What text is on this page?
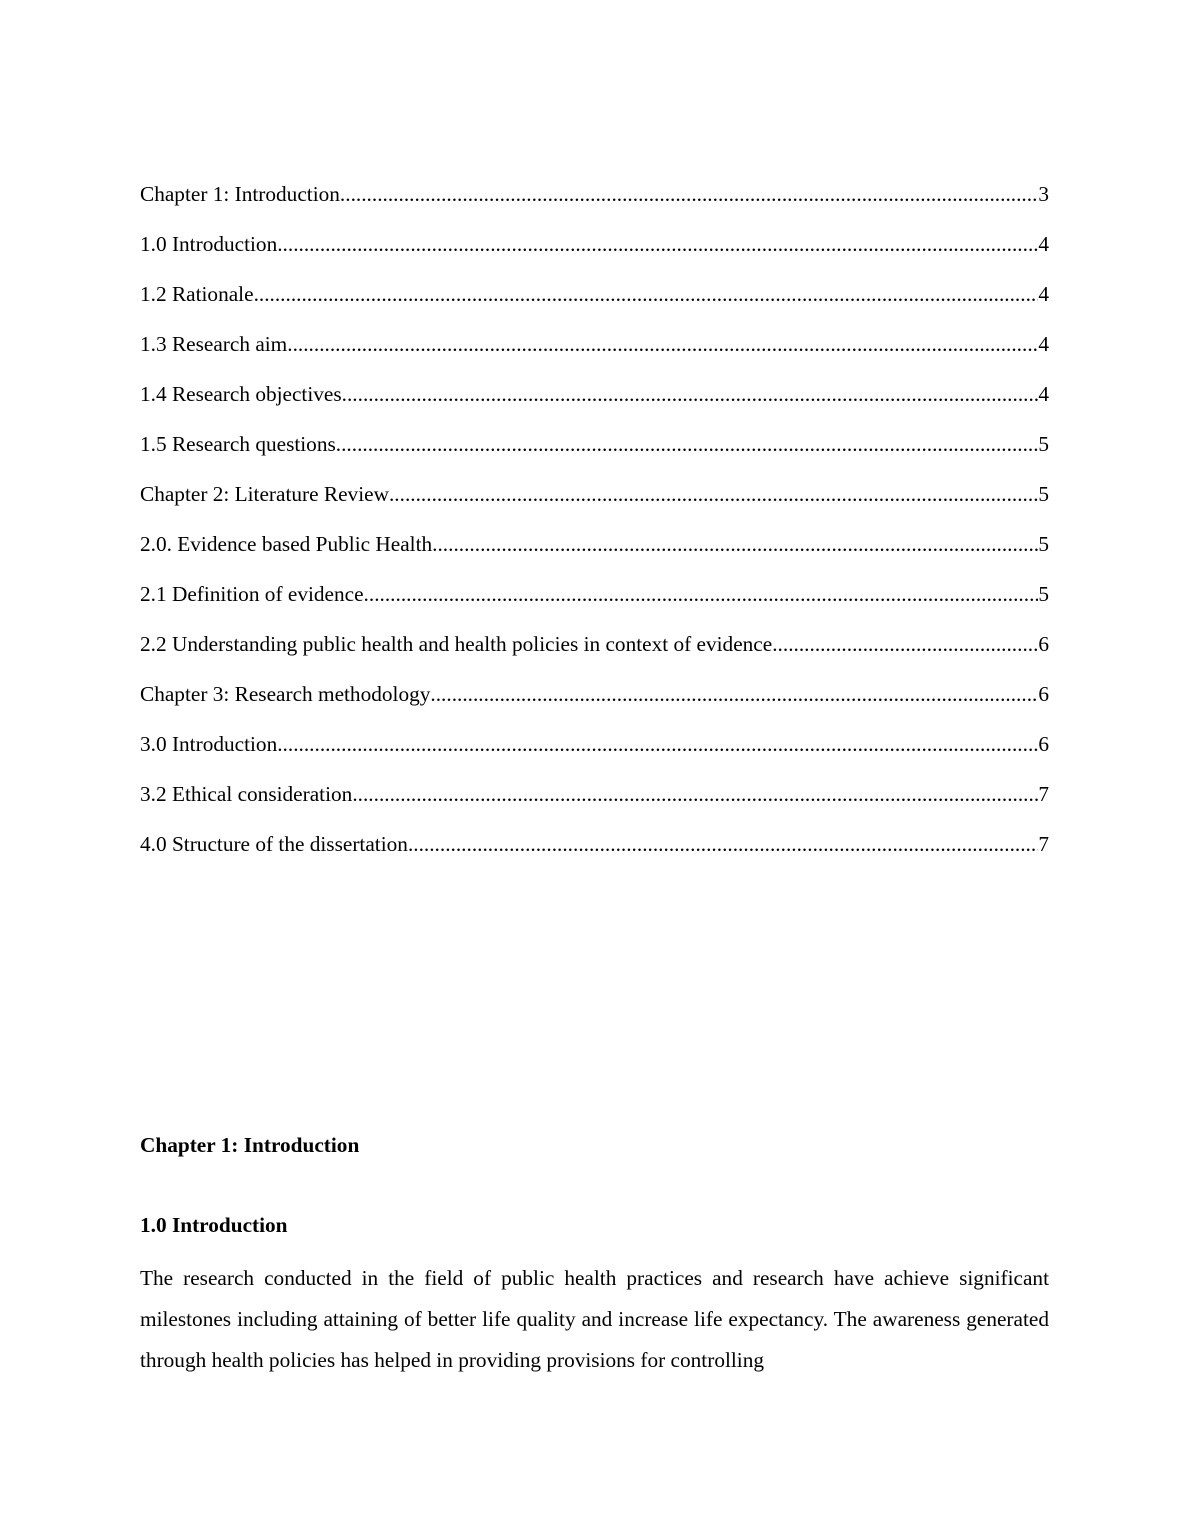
Chapter 1: Introduction .....	3
1.0 Introduction .....	4
1.2 Rationale .....	4
1.3 Research aim .....	4
1.4 Research objectives .....	4
1.5 Research questions .....	5
Chapter 2: Literature Review .....	5
2.0. Evidence based Public Health .....	5
2.1 Definition of evidence .....	5
2.2 Understanding public health and health policies in context of evidence .....	6
Chapter 3: Research methodology .....	6
3.0 Introduction .....	6
3.2 Ethical consideration .....	7
4.0 Structure of the dissertation .....	7
Chapter 1: Introduction
1.0 Introduction

The research conducted in the field of public health practices and research have achieve significant milestones including attaining of better life quality and increase life expectancy. The awareness generated through health policies has helped in providing provisions for controlling
